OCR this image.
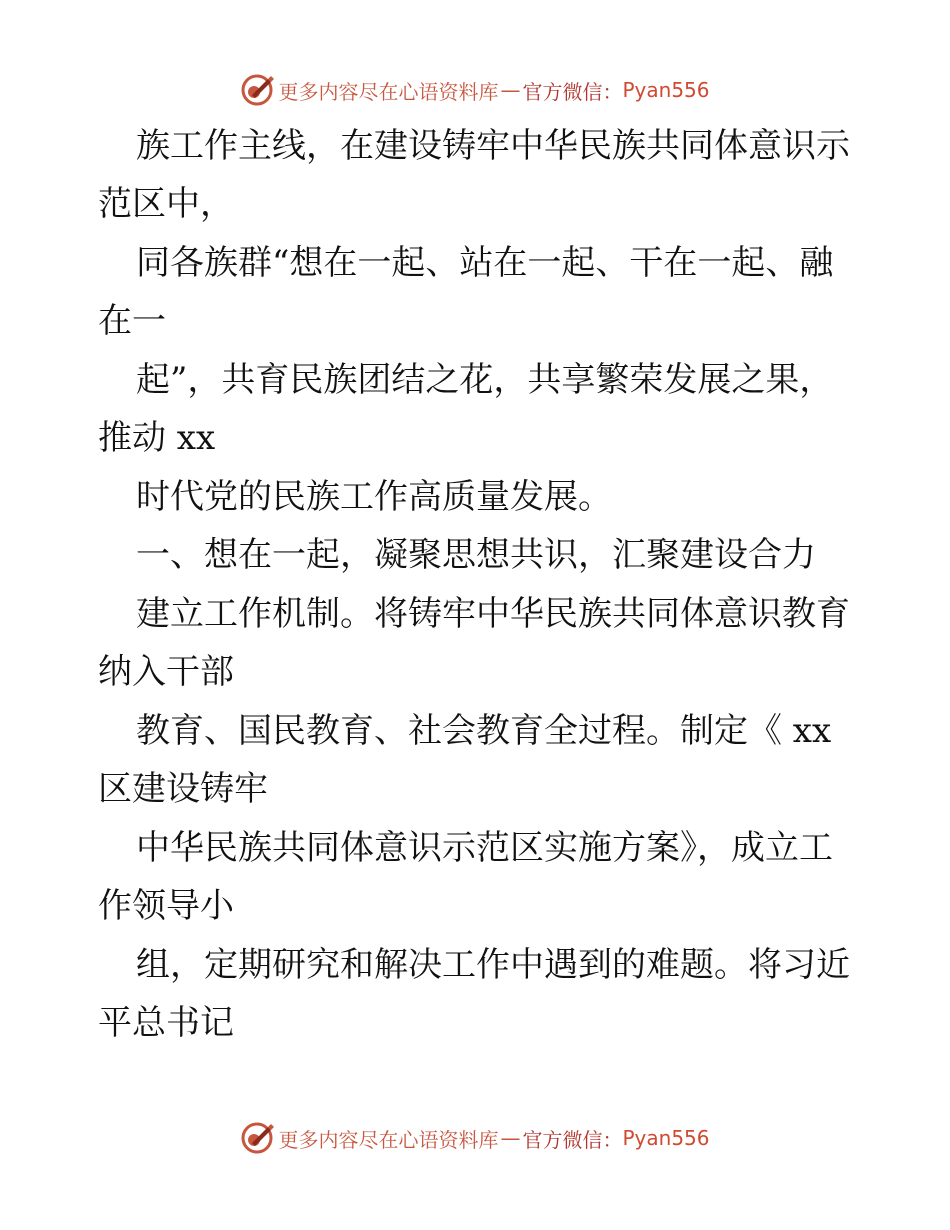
更多内容尽在心语资料库 — 官方微信： Pyan556
族工作主线，在建设铸牢中华民族共同体意识示
范区中，
同各族群“想在一起、站在一起、干在一起、融
在一
起”，共育民族团结之花，共享繁荣发展之果，
推动 xx
时代党的民族工作高质量发展。
一、想在一起，凝聚思想共识，汇聚建设合力
建立工作机制。将铸牢中华民族共同体意识教育
纳入干部
教育、国民教育、社会教育全过程。制定《 xx
区建设铸牢
中华民族共同体意识示范区实施方案》，成立工
作领导小
组，定期研究和解决工作中遇到的难题。将习近
平总书记
更多内容尽在心语资料库 — 官方微信： Pyan556
